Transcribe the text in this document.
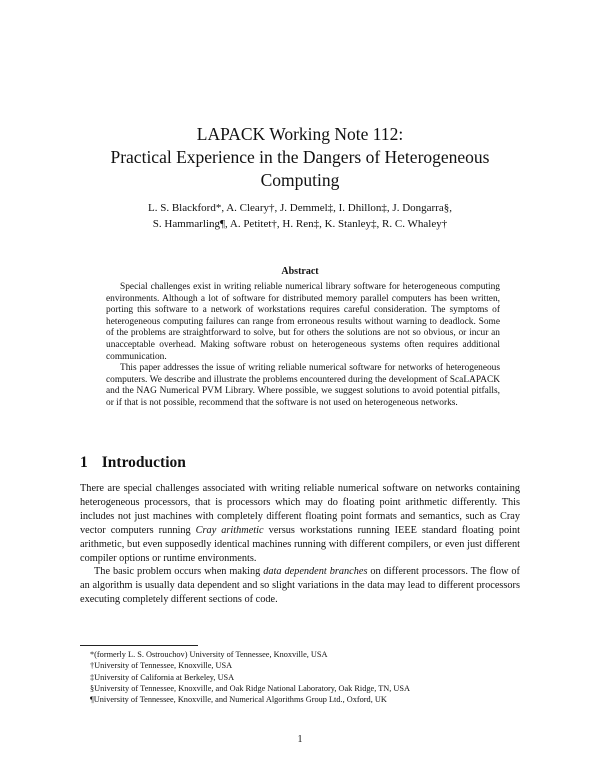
LAPACK Working Note 112:
Practical Experience in the Dangers of Heterogeneous
Computing
L. S. Blackford*, A. Cleary†, J. Demmel‡, I. Dhillon‡, J. Dongarra§,
S. Hammarling¶, A. Petitet†, H. Ren‡, K. Stanley‡, R. C. Whaley†
Abstract

Special challenges exist in writing reliable numerical library software for heterogeneous computing environments. Although a lot of software for distributed memory parallel computers has been written, porting this software to a network of workstations requires careful consideration. The symptoms of heterogeneous computing failures can range from erroneous results without warning to deadlock. Some of the problems are straightforward to solve, but for others the solutions are not so obvious, or incur an unacceptable overhead. Making software robust on heterogeneous systems often requires additional communication.

This paper addresses the issue of writing reliable numerical software for networks of heterogeneous computers. We describe and illustrate the problems encountered during the development of ScaLAPACK and the NAG Numerical PVM Library. Where possible, we suggest solutions to avoid potential pitfalls, or if that is not possible, recommend that the software is not used on heterogeneous networks.

1 Introduction

There are special challenges associated with writing reliable numerical software on networks containing heterogeneous processors, that is processors which may do floating point arithmetic differently. This includes not just machines with completely different floating point formats and semantics, such as Cray vector computers running Cray arithmetic versus workstations running IEEE standard floating point arithmetic, but even supposedly identical machines running with different compilers, or even just different compiler options or runtime environments.

The basic problem occurs when making data dependent branches on different processors. The flow of an algorithm is usually data dependent and so slight variations in the data may lead to different processors executing completely different sections of code.

*(formerly L. S. Ostrouchov) University of Tennessee, Knoxville, USA
†University of Tennessee, Knoxville, USA
‡University of California at Berkeley, USA
§University of Tennessee, Knoxville, and Oak Ridge National Laboratory, Oak Ridge, TN, USA
¶University of Tennessee, Knoxville, and Numerical Algorithms Group Ltd., Oxford, UK
1
